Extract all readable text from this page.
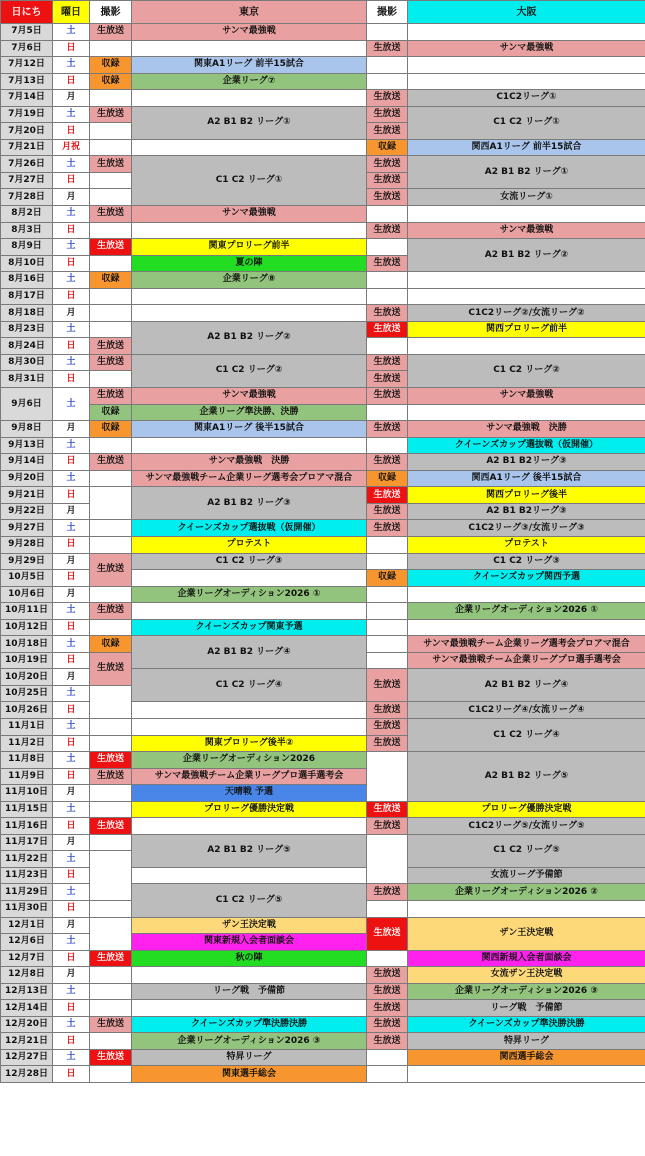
日にち	曜日	撮影	東京	撮影	大阪
7月5日	土	生放送	サンマ最強戦		
7月6日	日			生放送	サンマ最強戦
7月12日	土	収録	関東A1リーグ 前半15試合		
7月13日	日	収録	企業リーグ⑦		
7月14日	月			生放送	C1C2リーグ①
7月19日	土	生放送	A2 B1 B2 リーグ①	生放送	C1 C2 リーグ①
7月20日	日			生放送	
7月21日	月祝			収録	関西A1リーグ 前半15試合
7月26日	土	生放送	C1 C2 リーグ①	生放送	A2 B1 B2 リーグ①
7月27日	日			生放送	
7月28日	月			生放送	女流リーグ①
8月2日	土	生放送	サンマ最強戦		
8月3日	日			生放送	サンマ最強戦
8月9日	土	生放送	関東プロリーグ前半		A2 B1 B2 リーグ②
8月10日	日		夏の陣	生放送	
8月16日	土	収録	企業リーグ⑧		
8月17日	日				
8月18日	月			生放送	C1C2リーグ②/女流リーグ②
8月23日	土		A2 B1 B2 リーグ②	生放送	関西プロリーグ前半
8月24日	日	生放送			
8月30日	土	生放送	C1 C2 リーグ②	生放送	C1 C2 リーグ②
8月31日	日			生放送	
9月6日	土	生放送	サンマ最強戦	生放送	サンマ最強戦
		収録	企業リーグ準決勝、決勝		
9月8日	月	収録	関東A1リーグ 後半15試合	生放送	サンマ最強戦　決勝
9月13日	土				クイーンズカップ選抜戦（仮開催）
9月14日	日	生放送	サンマ最強戦　決勝	生放送	A2 B1 B2リーグ③
9月20日	土		サンマ最強戦チーム企業リーグ選考会プロアマ混合	収録	関西A1リーグ 後半15試合
9月21日	日		A2 B1 B2 リーグ③	生放送	関西プロリーグ後半
9月22日	月			生放送	A2 B1 B2リーグ③
9月27日	土		クイーンズカップ選抜戦（仮開催）	生放送	C1C2リーグ③/女流リーグ③
9月28日	日		プロテスト		プロテスト
9月29日	月	生放送	C1 C2 リーグ③		C1 C2 リーグ③

10月5日	日			収録	クイーンズカップ関西予選
10月6日	月		企業リーグオーディション2026 ①		
10月11日	土	生放送			企業リーグオーディション2026 ①
10月12日	日		クイーンズカップ関東予選		
10月18日	土	収録	A2 B1 B2 リーグ④		サンマ最強戦チーム企業リーグ選考会プロアマ混合
10月19日	日	生放送			サンマ最強戦チーム企業リーグプロ選手選考会
10月20日	月		C1 C2 リーグ④	生放送	A2 B1 B2 リーグ④
10月25日	土				
10月26日	日			生放送	C1C2リーグ④/女流リーグ④
11月1日	土			生放送	C1 C2 リーグ④
11月2日	日		関東プロリーグ後半②	生放送	
11月8日	土	生放送	企業リーグオーディション2026		A2 B1 B2 リーグ⑤
11月9日	日	生放送	サンマ最強戦チーム企業リーグプロ選手選考会		
11月10日	月		天晴戦 予選		
11月15日	土		プロリーグ優勝決定戦	生放送	プロリーグ優勝決定戦
11月16日	日	生放送		生放送	C1C2リーグ⑤/女流リーグ⑤
11月17日	月		A2 B1 B2 リーグ⑤		C1 C2 リーグ⑤
11月22日	土				
11月23日	日				女流リーグ予備節
11月29日	土		C1 C2 リーグ⑤	生放送	企業リーグオーディション2026 ②
11月30日	日				
12月1日	月		ザン王決定戦	生放送	ザン王決定戦
12月6日	土		関東新規入会者面談会		
12月7日	日	生放送	秋の陣		関西新規入会者面談会
12月8日	月			生放送	女流ザン王決定戦
12月13日	土		リーグ戦　予備節	生放送	企業リーグオーディション2026 ③
12月14日	日			生放送	リーグ戦　予備節
12月20日	土	生放送	クイーンズカップ準決勝決勝	生放送	クイーンズカップ準決勝決勝
12月21日	日		企業リーグオーディション2026 ③	生放送	特昇リーグ
12月27日	土	生放送	特昇リーグ		関西選手総会
12月28日	日		関東選手総会		
